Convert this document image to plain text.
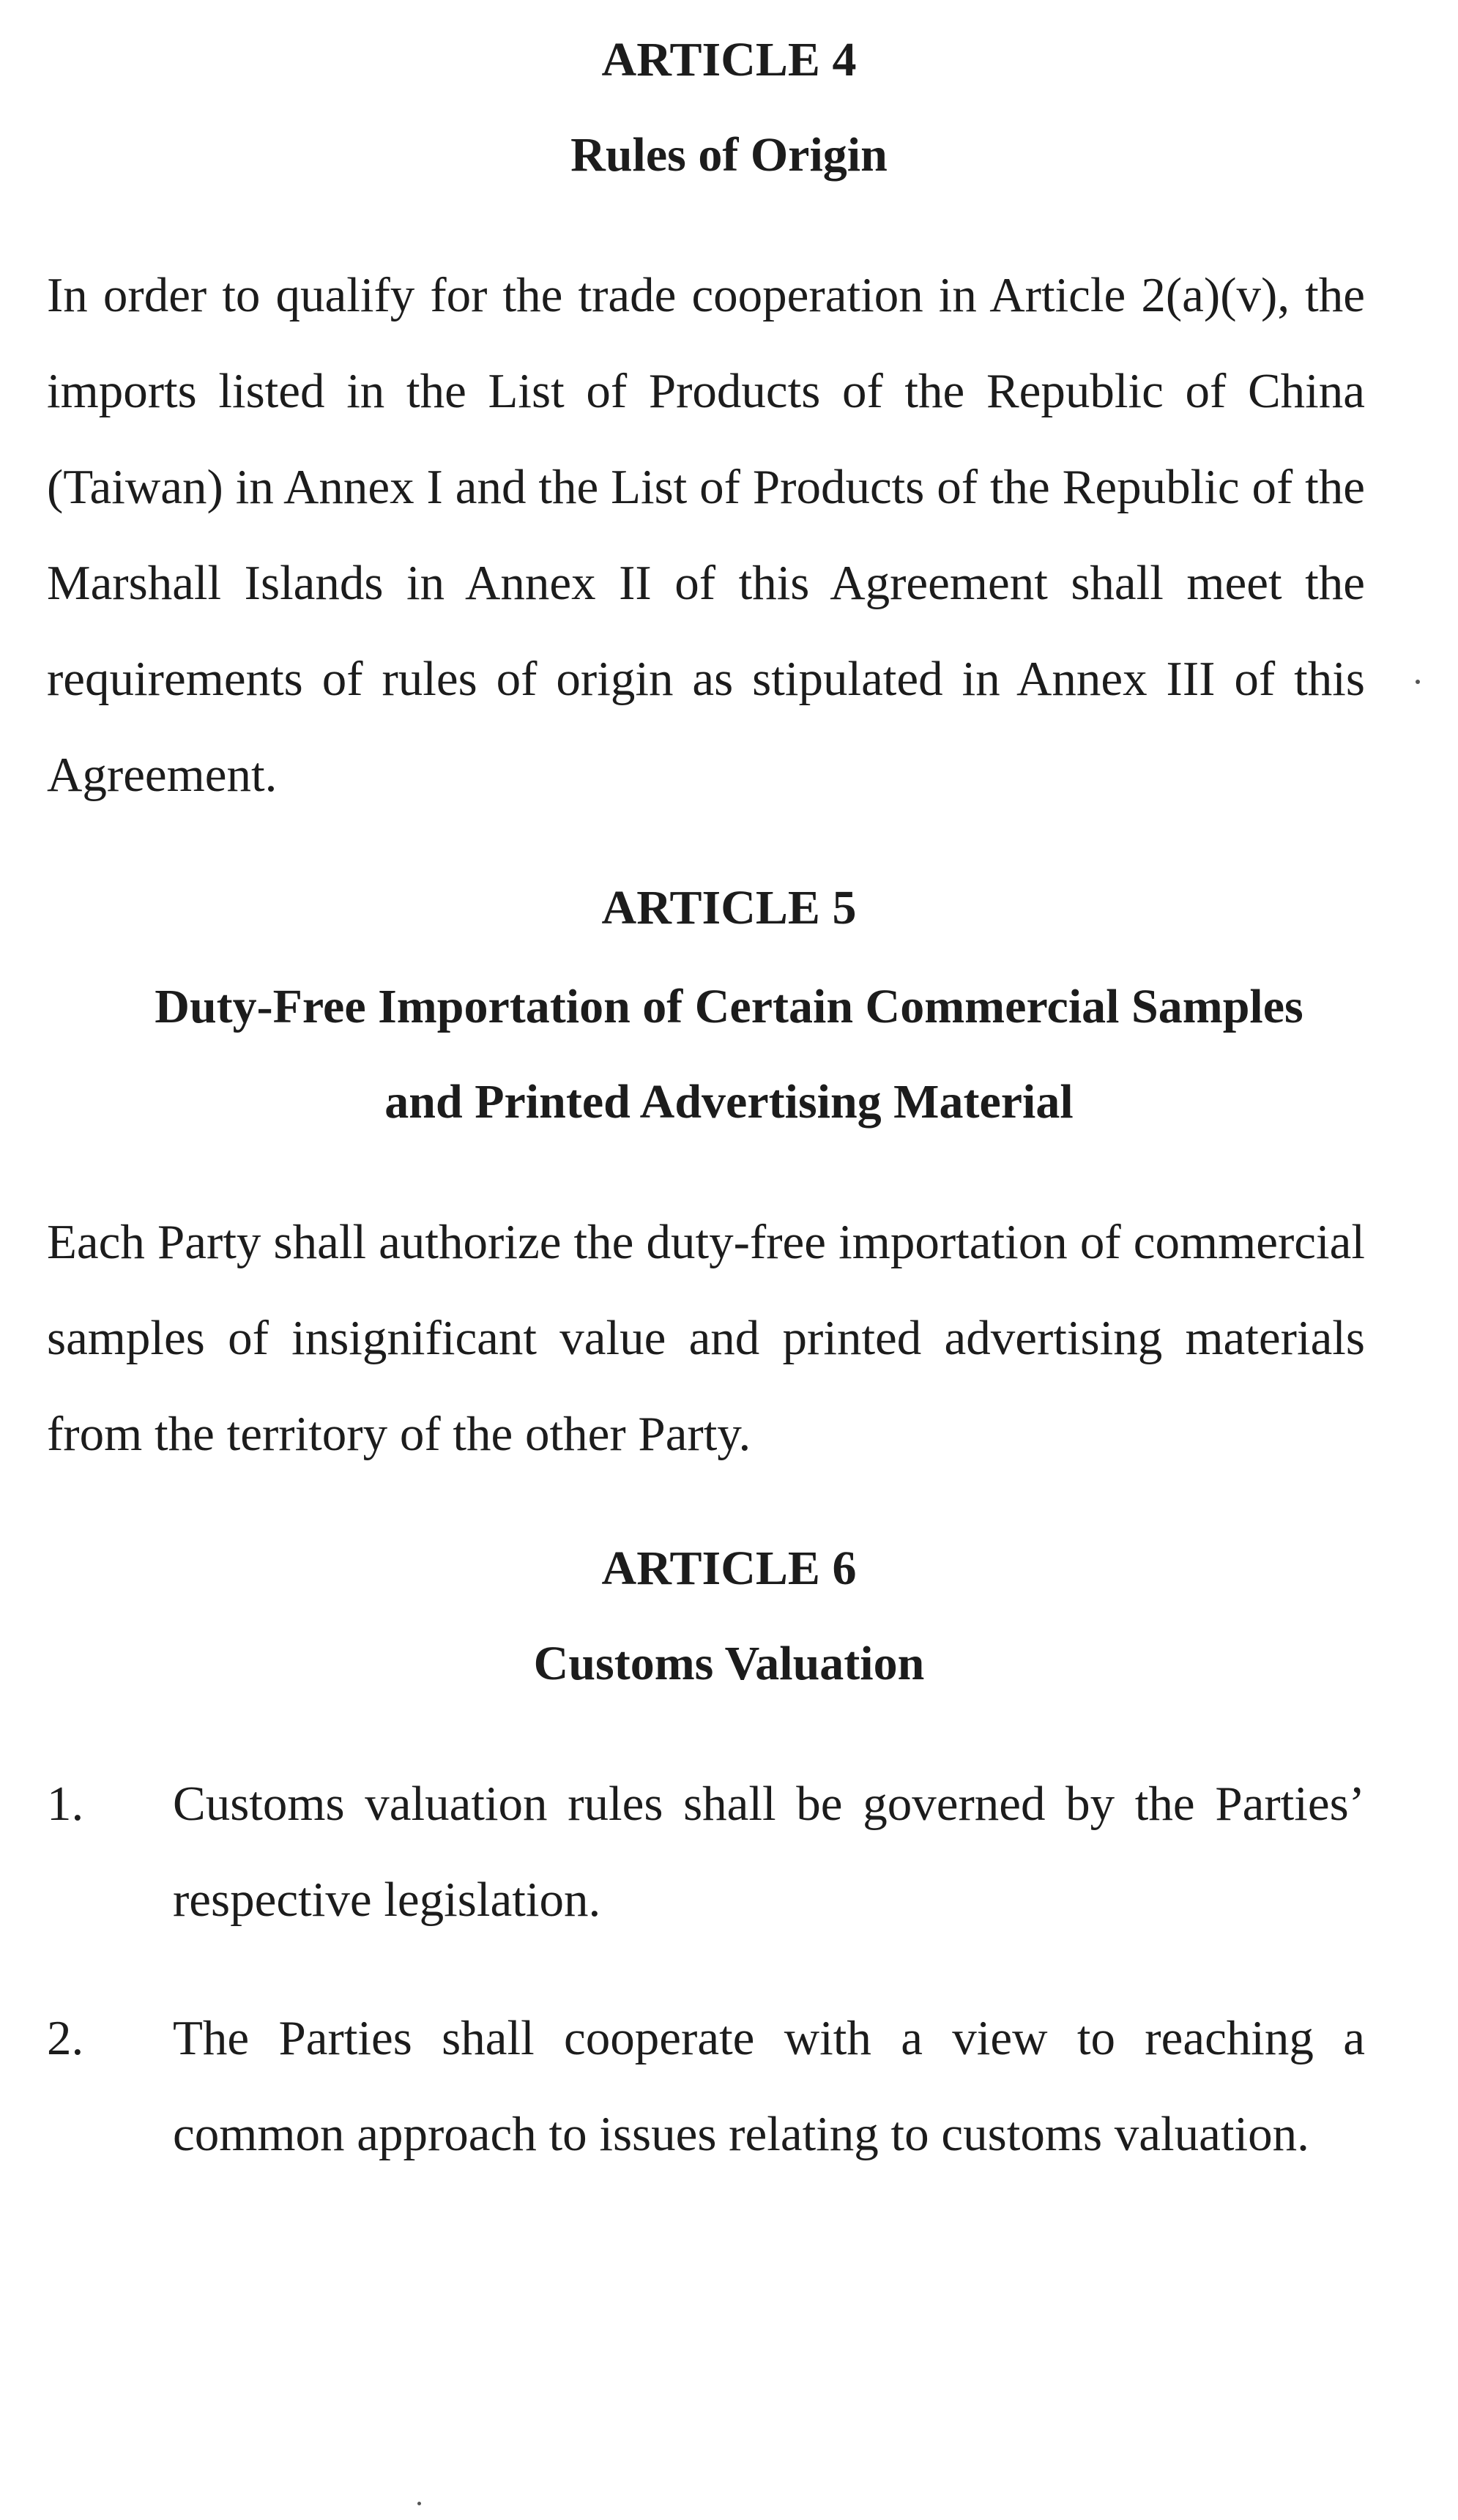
ARTICLE 4
Rules of Origin

In order to qualify for the trade cooperation in Article 2(a)(v), the imports listed in the List of Products of the Republic of China (Taiwan) in Annex I and the List of Products of the Republic of the Marshall Islands in Annex II of this Agreement shall meet the requirements of rules of origin as stipulated in Annex III of this Agreement.

ARTICLE 5
Duty-Free Importation of Certain Commercial Samples
and Printed Advertising Material

Each Party shall authorize the duty-free importation of commercial samples of insignificant value and printed advertising materials from the territory of the other Party.

ARTICLE 6
Customs Valuation
1. Customs valuation rules shall be governed by the Parties’ respective legislation.
2. The Parties shall cooperate with a view to reaching a common approach to issues relating to customs valuation.
